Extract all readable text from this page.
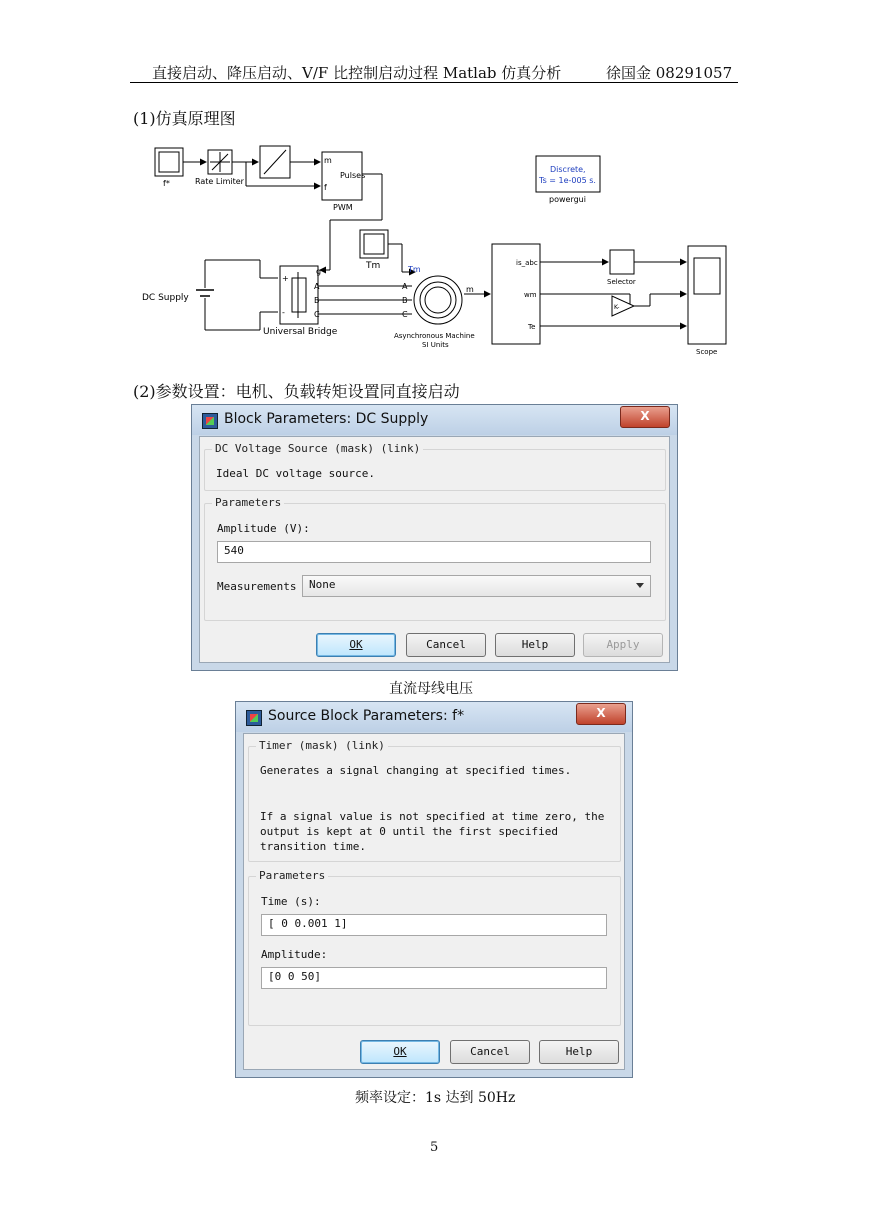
直接启动、降压启动、V/F 比控制启动过程 Matlab 仿真分析	徐国金 08291057
(1)仿真原理图
f*	Rate Limiter
m
f
Pulses
PWM
Discrete,
Ts = 1e-005 s.
powergui
Tm	Tm
DC Supply
+
-
g
A
B
C
A
B
C
Universal Bridge
m
Asynchronous Machine
SI Units
is_abc
wm
Te
Selector
K-
Scope
(2)参数设置：电机、负载转矩设置同直接启动
Block Parameters: DC Supply	X
DC Voltage Source (mask) (link)
Ideal DC voltage source.
Parameters
Amplitude (V):
540
Measurements	None
OK	Cancel	Help	Apply
直流母线电压
Source Block Parameters: f*	X
Timer (mask) (link)
Generates a signal changing at specified times.
If a signal value is not specified at time zero, the
output is kept at 0 until the first specified
transition time.
Parameters
Time (s):
[ 0 0.001 1]
Amplitude:
[0 0 50]
OK	Cancel	Help
频率设定：1s 达到 50Hz
5
